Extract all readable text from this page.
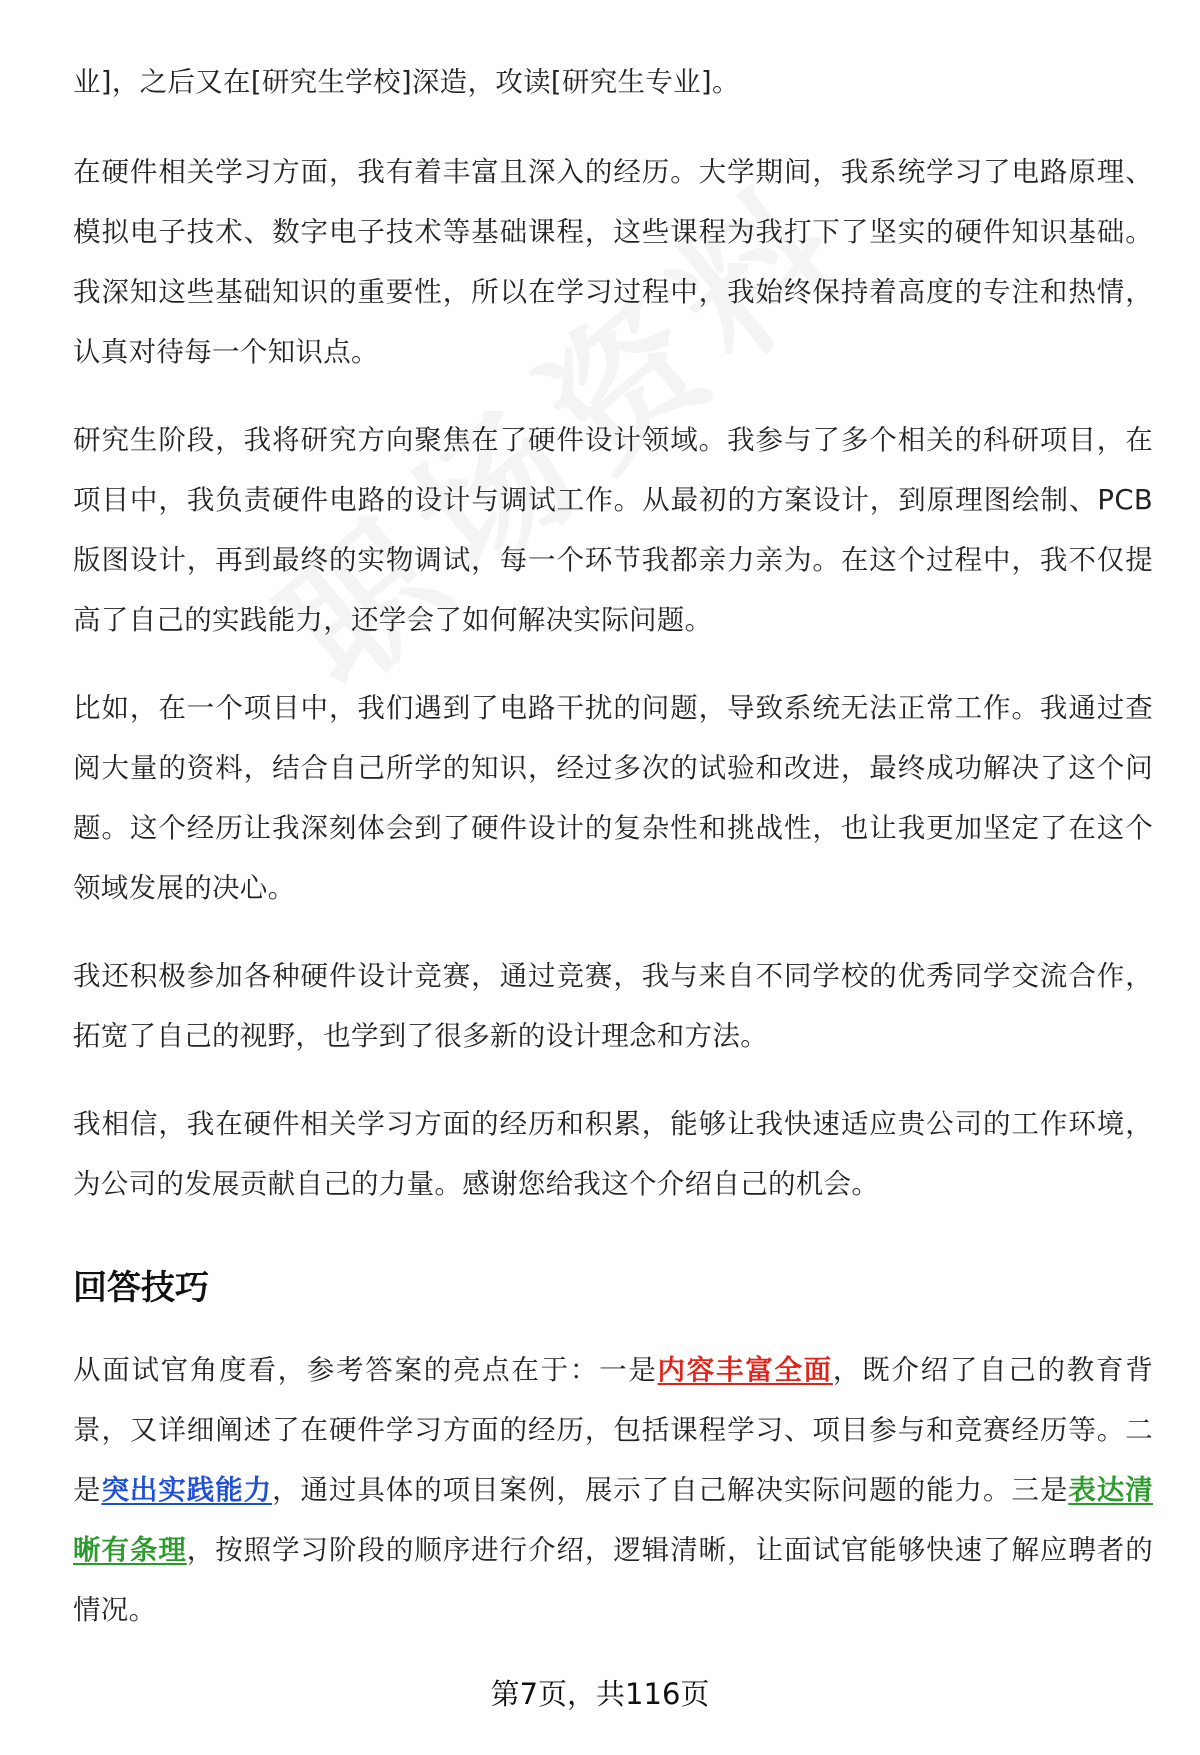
业]，之后又在[研究生学校]深造，攻读[研究生专业]。

在硬件相关学习方面，我有着丰富且深入的经历。大学期间，我系统学习了电路原理、模拟电子技术、数字电子技术等基础课程，这些课程为我打下了坚实的硬件知识基础。我深知这些基础知识的重要性，所以在学习过程中，我始终保持着高度的专注和热情，认真对待每一个知识点。

研究生阶段，我将研究方向聚焦在了硬件设计领域。我参与了多个相关的科研项目，在项目中，我负责硬件电路的设计与调试工作。从最初的方案设计，到原理图绘制、PCB 版图设计，再到最终的实物调试，每一个环节我都亲力亲为。在这个过程中，我不仅提高了自己的实践能力，还学会了如何解决实际问题。

比如，在一个项目中，我们遇到了电路干扰的问题，导致系统无法正常工作。我通过查阅大量的资料，结合自己所学的知识，经过多次的试验和改进，最终成功解决了这个问题。这个经历让我深刻体会到了硬件设计的复杂性和挑战性，也让我更加坚定了在这个领域发展的决心。

我还积极参加各种硬件设计竞赛，通过竞赛，我与来自不同学校的优秀同学交流合作，拓宽了自己的视野，也学到了很多新的设计理念和方法。

我相信，我在硬件相关学习方面的经历和积累，能够让我快速适应贵公司的工作环境，为公司的发展贡献自己的力量。感谢您给我这个介绍自己的机会。

回答技巧

从面试官角度看，参考答案的亮点在于：一是内容丰富全面，既介绍了自己的教育背景，又详细阐述了在硬件学习方面的经历，包括课程学习、项目参与和竞赛经历等。二是突出实践能力，通过具体的项目案例，展示了自己解决实际问题的能力。三是表达清晰有条理，按照学习阶段的顺序进行介绍，逻辑清晰，让面试官能够快速了解应聘者的情况。

第7页，共116页
